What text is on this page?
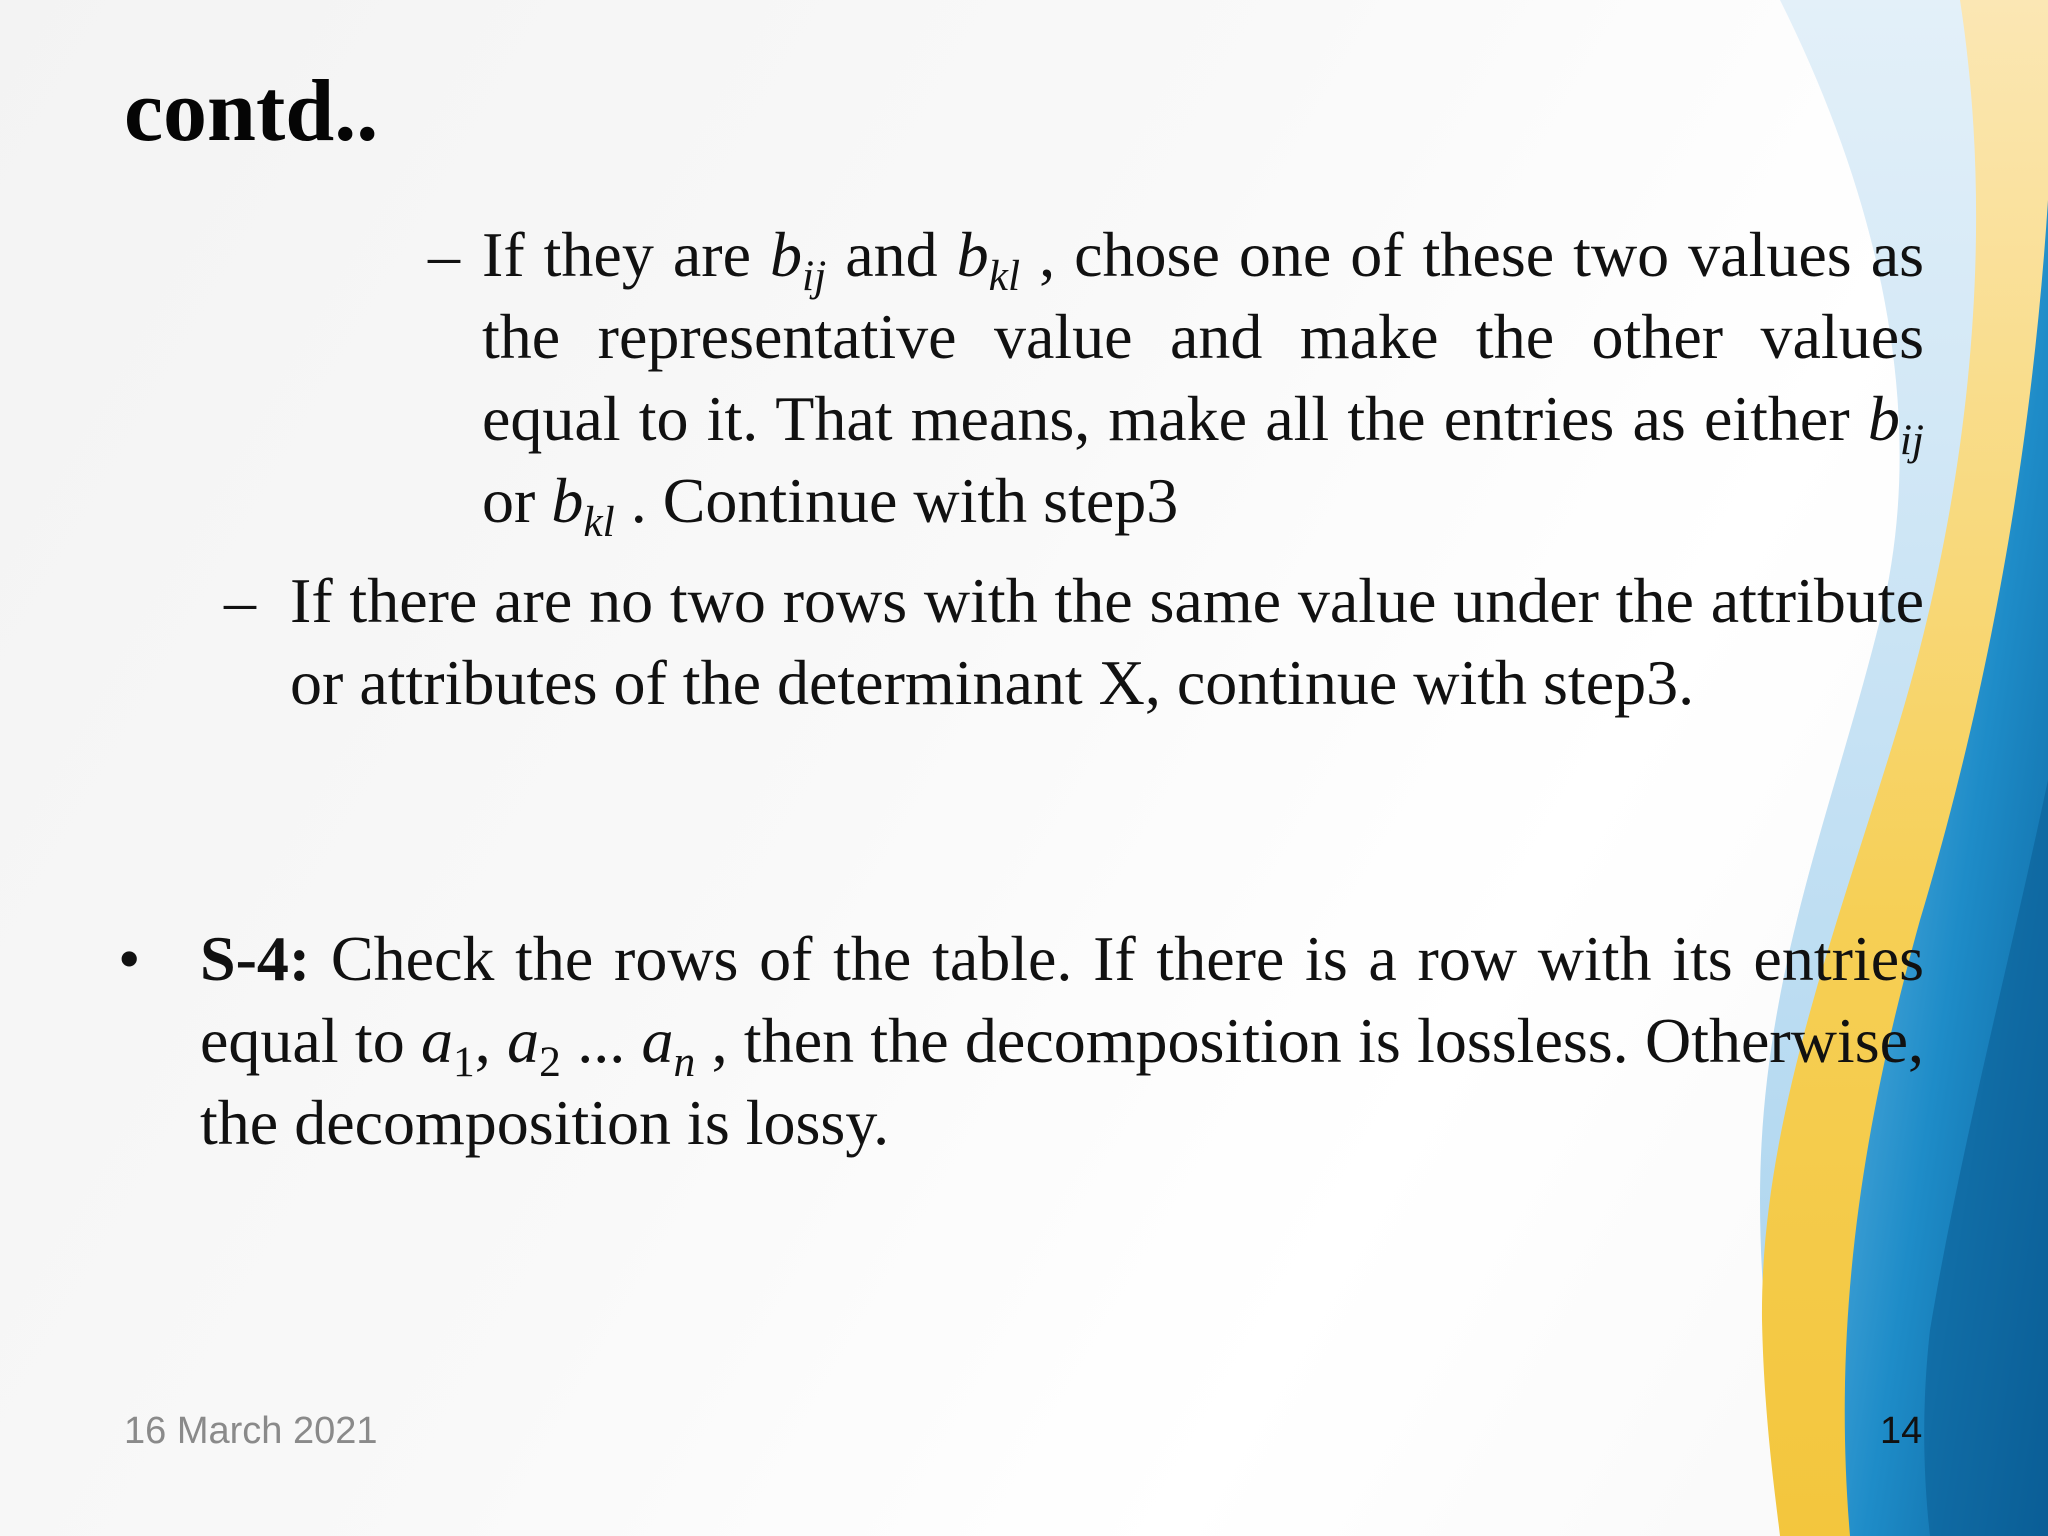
contd..
– If they are $b_{ij}$ and $b_{kl}$ , chose one of these two values as the representative value and make the other values equal to it. That means, make all the entries as either $b_{ij}$ or $b_{kl}$ . Continue with step3
– If there are no two rows with the same value under the attribute or attributes of the determinant X, continue with step3.
• S-4: Check the rows of the table. If there is a row with its entries equal to $a_1$, $a_2$ ... $a_n$ , then the decomposition is lossless. Otherwise, the decomposition is lossy.
16 March 2021	14
